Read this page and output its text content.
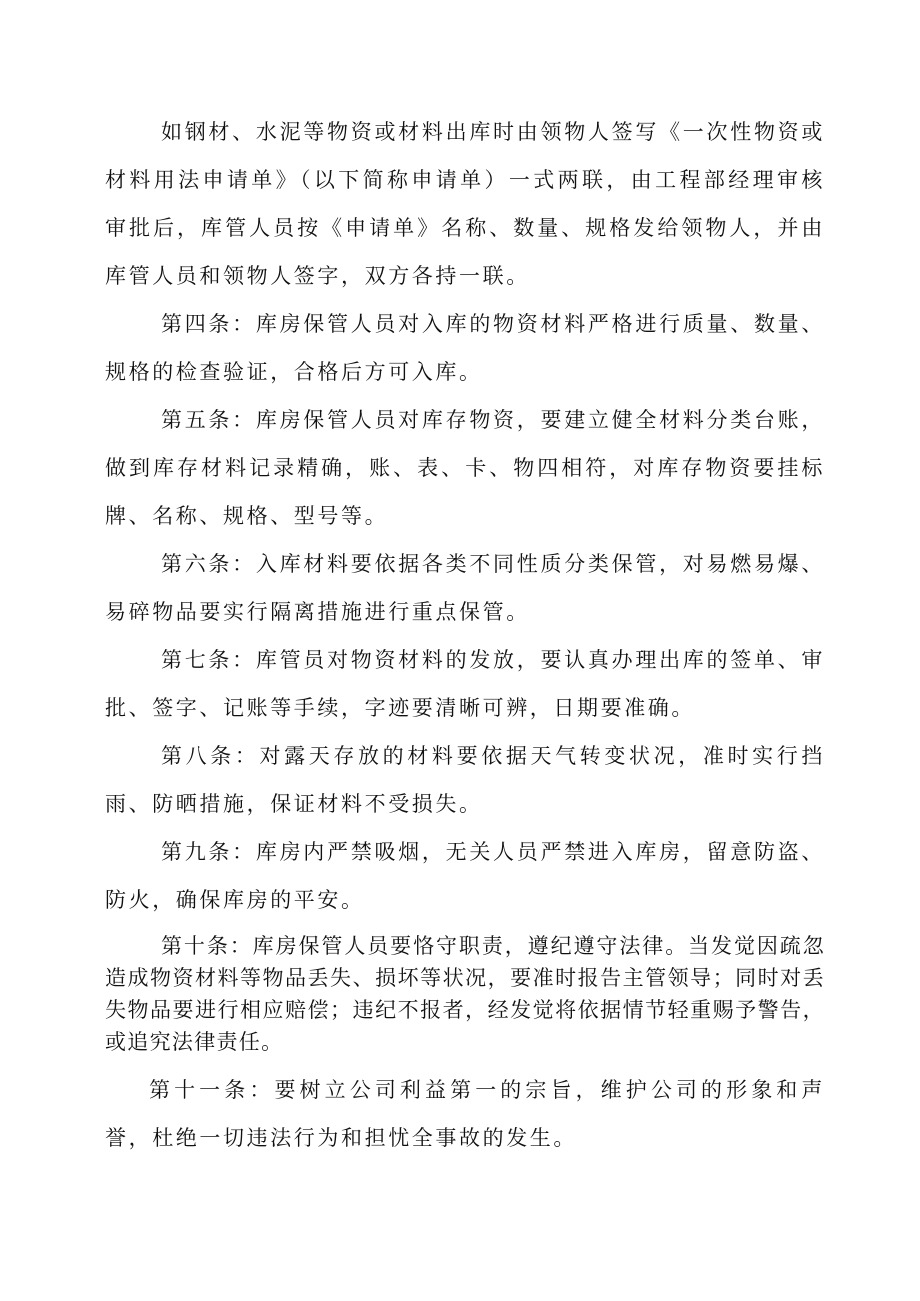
如钢材、水泥等物资或材料出库时由领物人签写《一次性物资或材料用法申请单》（以下简称申请单）一式两联，由工程部经理审核审批后，库管人员按《申请单》名称、数量、规格发给领物人，并由库管人员和领物人签字，双方各持一联。

第四条：库房保管人员对入库的物资材料严格进行质量、数量、规格的检查验证，合格后方可入库。

第五条：库房保管人员对库存物资，要建立健全材料分类台账，做到库存材料记录精确，账、表、卡、物四相符，对库存物资要挂标牌、名称、规格、型号等。

第六条：入库材料要依据各类不同性质分类保管，对易燃易爆、易碎物品要实行隔离措施进行重点保管。

第七条：库管员对物资材料的发放，要认真办理出库的签单、审批、签字、记账等手续，字迹要清晰可辨，日期要准确。

第八条：对露天存放的材料要依据天气转变状况，准时实行挡雨、防晒措施，保证材料不受损失。

第九条：库房内严禁吸烟，无关人员严禁进入库房，留意防盗、防火，确保库房的平安。

第十条：库房保管人员要恪守职责，遵纪遵守法律。当发觉因疏忽造成物资材料等物品丢失、损坏等状况，要准时报告主管领导；同时对丢失物品要进行相应赔偿；违纪不报者，经发觉将依据情节轻重赐予警告，或追究法律责任。

第十一条：要树立公司利益第一的宗旨，维护公司的形象和声誉，杜绝一切违法行为和担忧全事故的发生。
